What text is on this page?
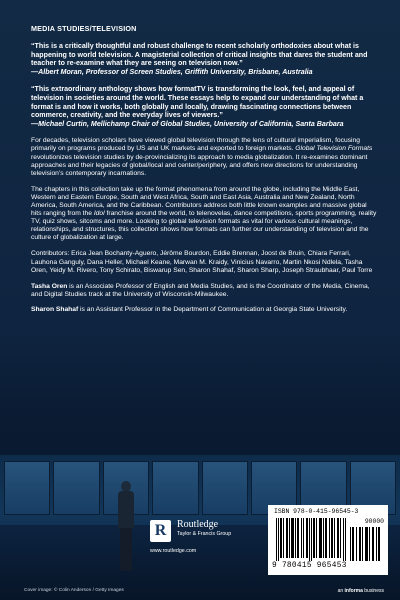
MEDIA STUDIES/TELEVISION
“This is a critically thoughtful and robust challenge to recent scholarly orthodoxies about what is happening to world television. A magisterial collection of critical insights that dares the student and teacher to re-examine what they are seeing on television now.”
—Albert Moran, Professor of Screen Studies, Griffith University, Brisbane, Australia
“This extraordinary anthology shows how formatTV is transforming the look, feel, and appeal of television in societies around the world. These essays help to expand our understanding of what a format is and how it works, both globally and locally, drawing fascinating connections between commerce, creativity, and the everyday lives of viewers.”
—Michael Curtin, Mellichamp Chair of Global Studies, University of California, Santa Barbara

For decades, television scholars have viewed global television through the lens of cultural imperialism, focusing primarily on programs produced by US and UK markets and exported to foreign markets. Global Television Formats revolutionizes television studies by de-provincializing its approach to media globalization. It re-examines dominant approaches and their legacies of global/local and center/periphery, and offers new directions for understanding television’s contemporary incarnations.

The chapters in this collection take up the format phenomena from around the globe, including the Middle East, Western and Eastern Europe, South and West Africa, South and East Asia, Australia and New Zealand, North America, South America, and the Caribbean. Contributors address both little known examples and massive global hits ranging from the Idol franchise around the world, to telenovelas, dance competitions, sports programming, reality TV, quiz shows, sitcoms and more. Looking to global television formats as vital for various cultural meanings, relationships, and structures, this collection shows how formats can further our understanding of television and the culture of globalization at large.

Contributors: Erica Jean Bochanty-Aguero, Jérôme Bourdon, Eddie Brennan, Joost de Bruin, Chiara Ferrari, Lauhona Ganguly, Dana Heller, Michael Keane, Marwan M. Kraidy, Vinicius Navarro, Martin Nkosi Ndlela, Tasha Oren, Yeidy M. Rivero, Tony Schirato, Biswarup Sen, Sharon Shahaf, Sharon Sharp, Joseph Straubhaar, Paul Torre

Tasha Oren is an Associate Professor of English and Media Studies, and is the Coordinator of the Media, Cinema, and Digital Studies track at the University of Wisconsin-Milwaukee.

Sharon Shahaf is an Assistant Professor in the Department of Communication at Georgia State University.

R	Routledge
Taylor & Francis Group
www.routledge.com
ISBN 978-0-415-96545-3
90000
9 780415 965453
Cover image: © Colin Anderson / Getty Images	an informa business
